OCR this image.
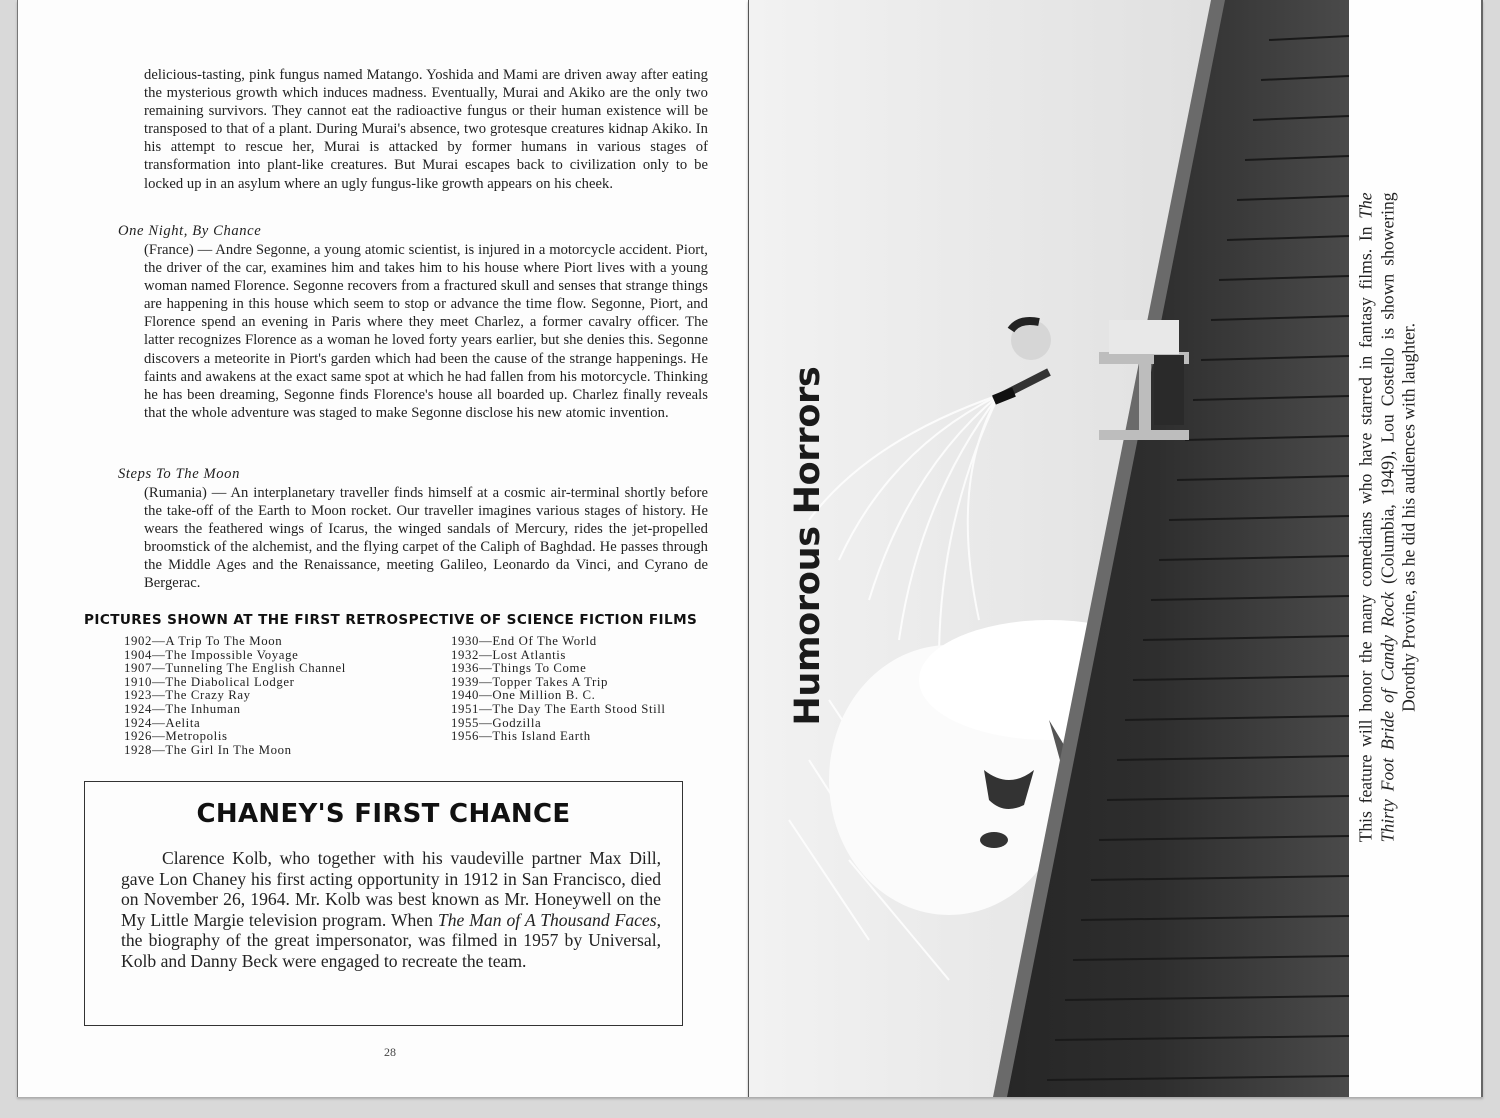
delicious-tasting, pink fungus named Matango. Yoshida and Mami are driven away after eating the mysterious growth which induces madness. Eventually, Murai and Akiko are the only two remaining survivors. They cannot eat the radioactive fungus or their human existence will be transposed to that of a plant. During Murai's absence, two grotesque creatures kidnap Akiko. In his attempt to rescue her, Murai is attacked by former humans in various stages of transformation into plant-like creatures. But Murai escapes back to civilization only to be locked up in an asylum where an ugly fungus-like growth appears on his cheek.

One Night, By Chance

(France) — Andre Segonne, a young atomic scientist, is injured in a motorcycle accident. Piort, the driver of the car, examines him and takes him to his house where Piort lives with a young woman named Florence. Segonne recovers from a fractured skull and senses that strange things are happening in this house which seem to stop or advance the time flow. Segonne, Piort, and Florence spend an evening in Paris where they meet Charlez, a former cavalry officer. The latter recognizes Florence as a woman he loved forty years earlier, but she denies this. Segonne discovers a meteorite in Piort's garden which had been the cause of the strange happenings. He faints and awakens at the exact same spot at which he had fallen from his motorcycle. Thinking he has been dreaming, Segonne finds Florence's house all boarded up. Charlez finally reveals that the whole adventure was staged to make Segonne disclose his new atomic invention.

Steps To The Moon

(Rumania) — An interplanetary traveller finds himself at a cosmic air-terminal shortly before the take-off of the Earth to Moon rocket. Our traveller imagines various stages of history. He wears the feathered wings of Icarus, the winged sandals of Mercury, rides the jet-propelled broomstick of the alchemist, and the flying carpet of the Caliph of Baghdad. He passes through the Middle Ages and the Renaissance, meeting Galileo, Leonardo da Vinci, and Cyrano de Bergerac.

PICTURES SHOWN AT THE FIRST RETROSPECTIVE OF SCIENCE FICTION FILMS
1902—A Trip To The Moon
1904—The Impossible Voyage
1907—Tunneling The English Channel
1910—The Diabolical Lodger
1923—The Crazy Ray
1924—The Inhuman
1924—Aelita
1926—Metropolis
1928—The Girl In The Moon
1930—End Of The World
1932—Lost Atlantis
1936—Things To Come
1939—Topper Takes A Trip
1940—One Million B. C.
1951—The Day The Earth Stood Still
1955—Godzilla
1956—This Island Earth
CHANEY'S FIRST CHANCE

Clarence Kolb, who together with his vaudeville partner Max Dill, gave Lon Chaney his first acting opportunity in 1912 in San Francisco, died on November 26, 1964. Mr. Kolb was best known as Mr. Honeywell on the My Little Margie television program. When The Man of A Thousand Faces, the biography of the great impersonator, was filmed in 1957 by Universal, Kolb and Danny Beck were engaged to recreate the team.

28
Humorous Horrors	This feature will honor the many comedians who have starred in fantasy films. In The Thirty Foot Bride of Candy Rock (Columbia, 1949), Lou Costello is shown showering Dorothy Provine, as he did his audiences with laughter.
